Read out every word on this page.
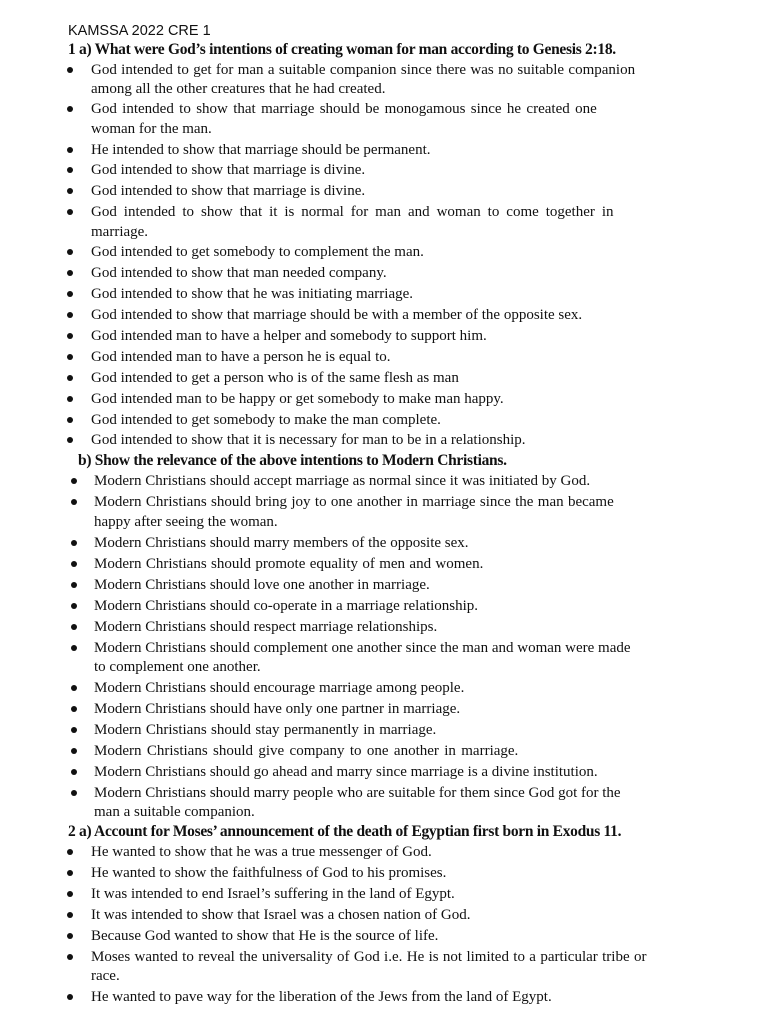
KAMSSA 2022 CRE 1
1 a) What were God’s intentions of creating woman for man according to Genesis 2:18.
God intended to get for man a suitable companion since there was no suitable companion
among all the other creatures that he had created.
God intended to show that marriage should be monogamous since he created one
woman for the man.
He intended to show that marriage should be permanent.
God intended to show that marriage is divine.
God intended to show that marriage is divine.
God intended to show that it is normal for man and woman to come together in
marriage.
God intended to get somebody to complement the man.
God intended to show that man needed company.
God intended to show that he was initiating marriage.
God intended to show that marriage should be with a member of the opposite sex.
God intended man to have a helper and somebody to support him.
God intended man to have a person he is equal to.
God intended to get a person who is of the same flesh as man
God intended man to be happy or get somebody to make man happy.
God intended to get somebody to make the man complete.
God intended to show that it is necessary for man to be in a relationship.
b) Show the relevance of the above intentions to Modern Christians.
Modern Christians should accept marriage as normal since it was initiated by God.
Modern Christians should bring joy to one another in marriage since the man became
happy after seeing the woman.
Modern Christians should marry members of the opposite sex.
Modern Christians should promote equality of men and women.
Modern Christians should love one another in marriage.
Modern Christians should co-operate in a marriage relationship.
Modern Christians should respect marriage relationships.
Modern Christians should complement one another since the man and woman were made
to complement one another.
Modern Christians should encourage marriage among people.
Modern Christians should have only one partner in marriage.
Modern Christians should stay permanently in marriage.
Modern Christians should give company to one another in marriage.
Modern Christians should go ahead and marry since marriage is a divine institution.
Modern Christians should marry people who are suitable for them since God got for the
man a suitable companion.
2 a) Account for Moses’ announcement of the death of Egyptian first born in Exodus 11.
He wanted to show that he was a true messenger of God.
He wanted to show the faithfulness of God to his promises.
It was intended to end Israel’s suffering in the land of Egypt.
It was intended to show that Israel was a chosen nation of God.
Because God wanted to show that He is the source of life.
Moses wanted to reveal the universality of God i.e. He is not limited to a particular tribe or
race.
He wanted to pave way for the liberation of the Jews from the land of Egypt.
